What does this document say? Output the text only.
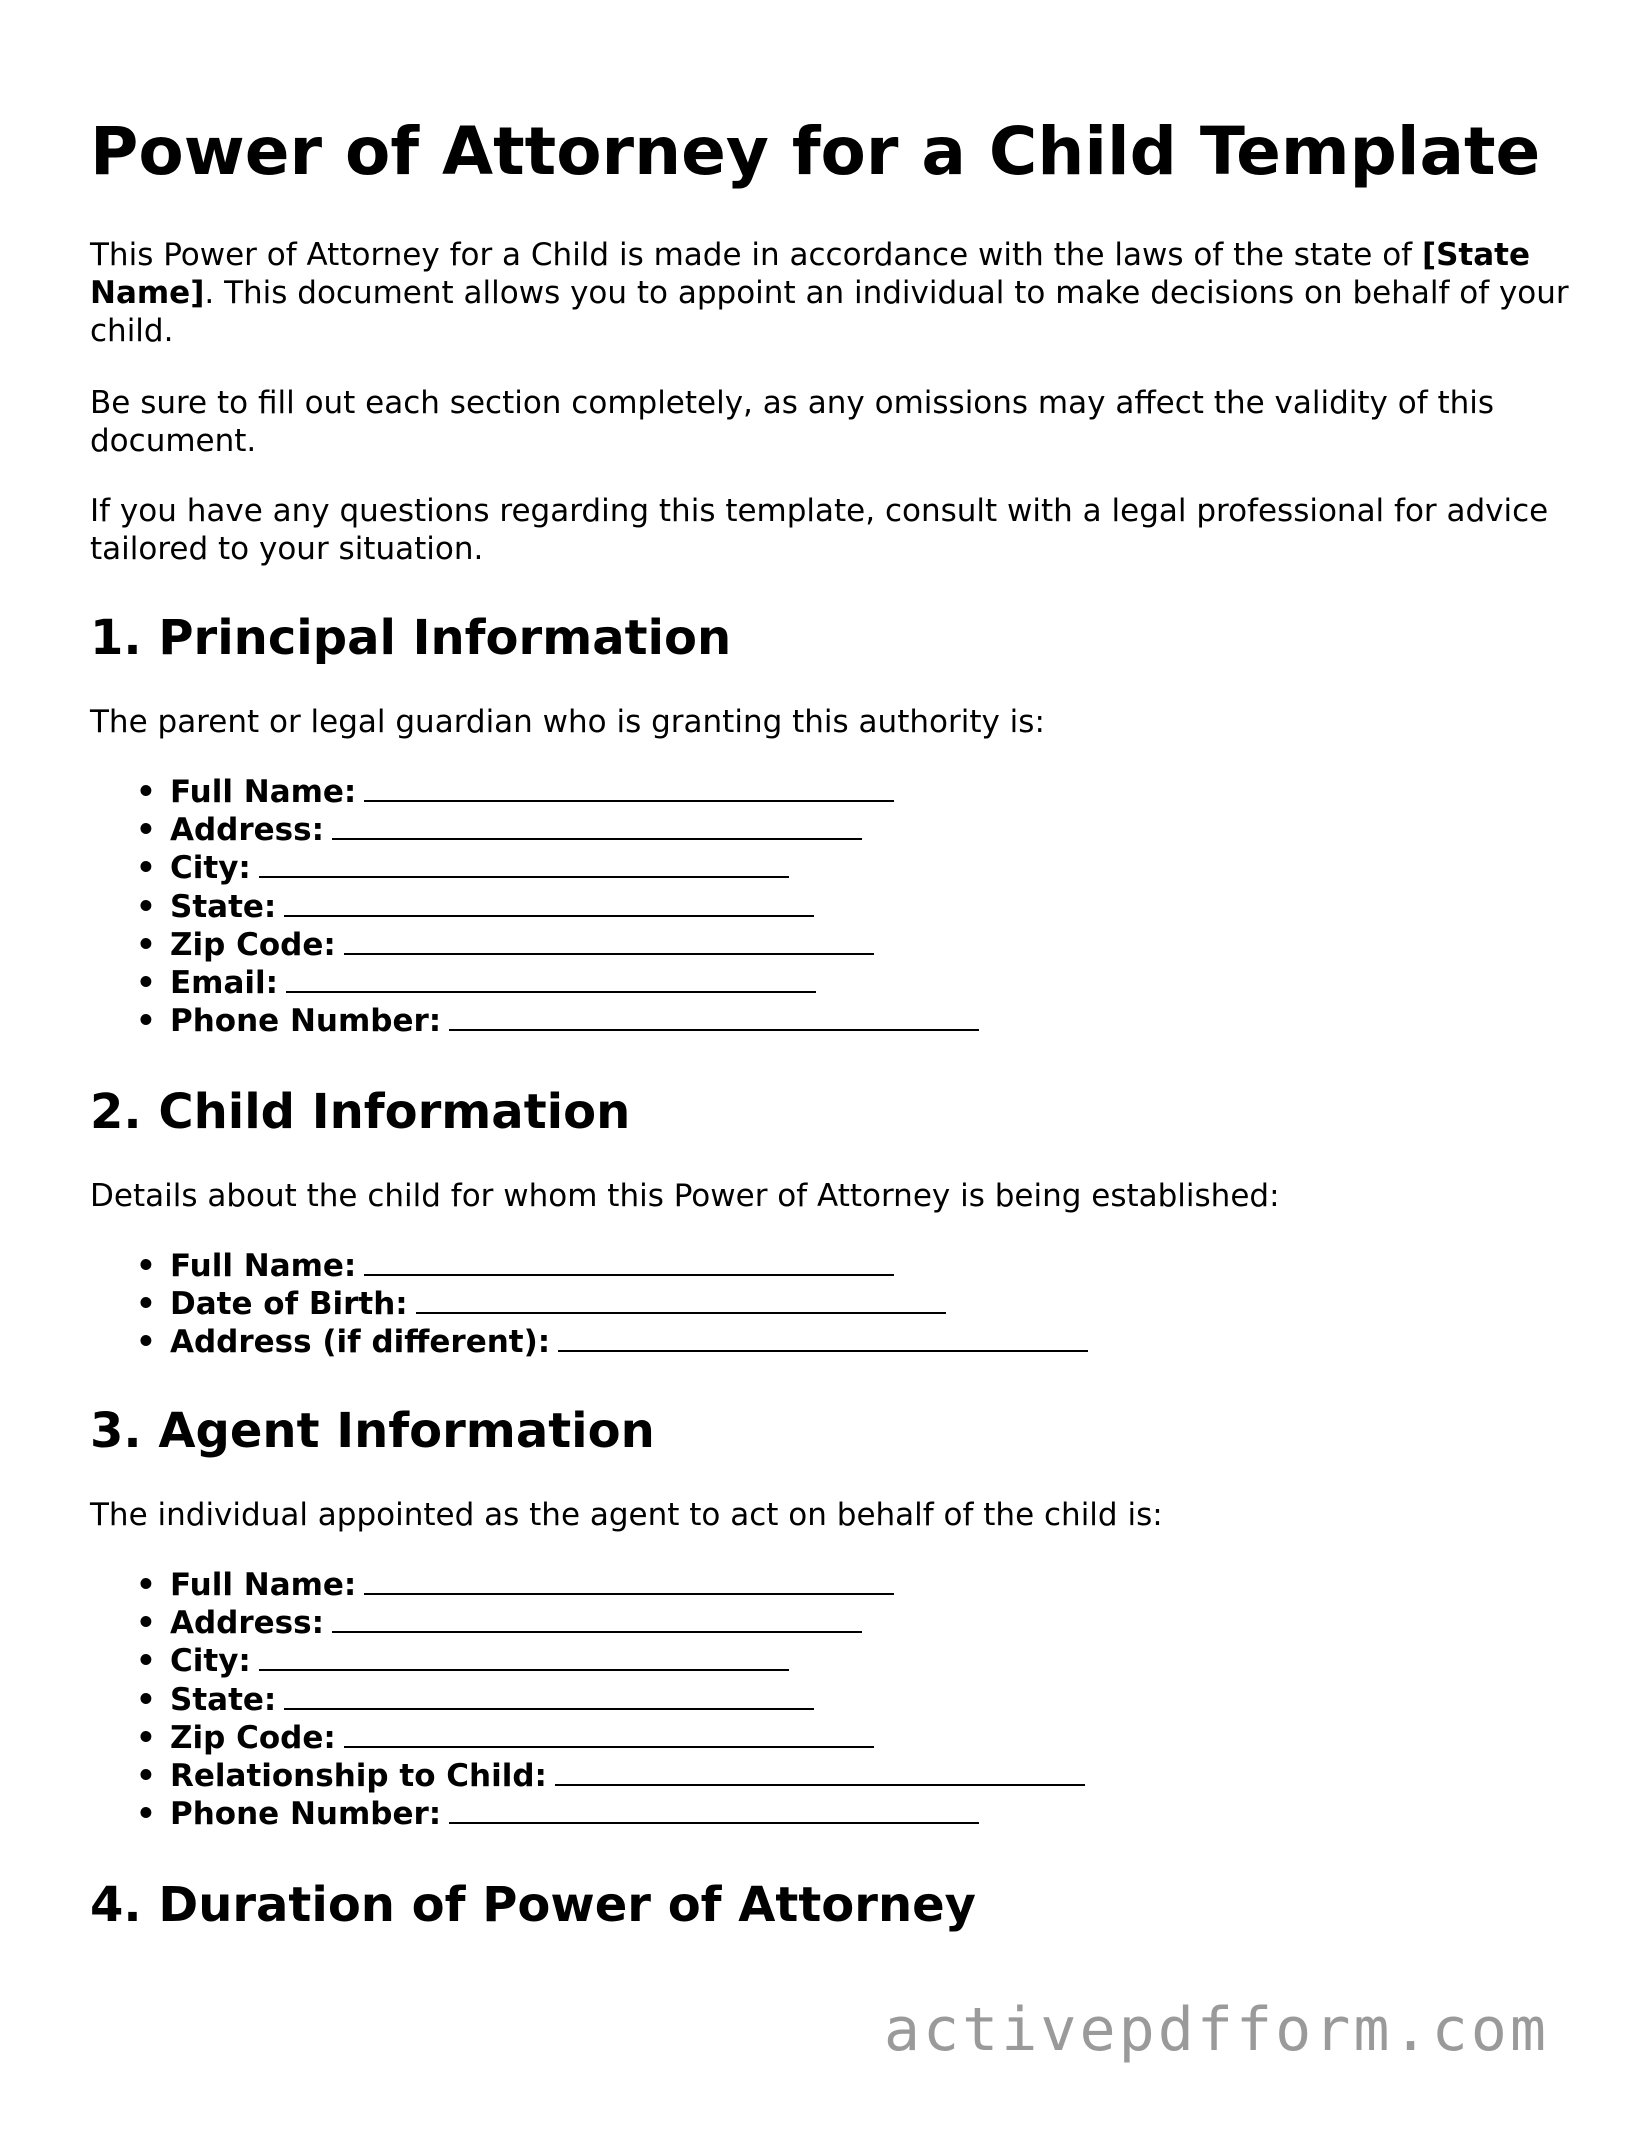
Power of Attorney for a Child Template

This Power of Attorney for a Child is made in accordance with the laws of the state of [State Name]. This document allows you to appoint an individual to make decisions on behalf of your child.

Be sure to fill out each section completely, as any omissions may affect the validity of this document.

If you have any questions regarding this template, consult with a legal professional for advice tailored to your situation.

1. Principal Information

The parent or legal guardian who is granting this authority is:

• Full Name:
• Address:
• City:
• State:
• Zip Code:
• Email:
• Phone Number:
2. Child Information

Details about the child for whom this Power of Attorney is being established:

• Full Name:
• Date of Birth:
• Address (if different):
3. Agent Information

The individual appointed as the agent to act on behalf of the child is:

• Full Name:
• Address:
• City:
• State:
• Zip Code:
• Relationship to Child:
• Phone Number:
4. Duration of Power of Attorney
activepdfform.com
